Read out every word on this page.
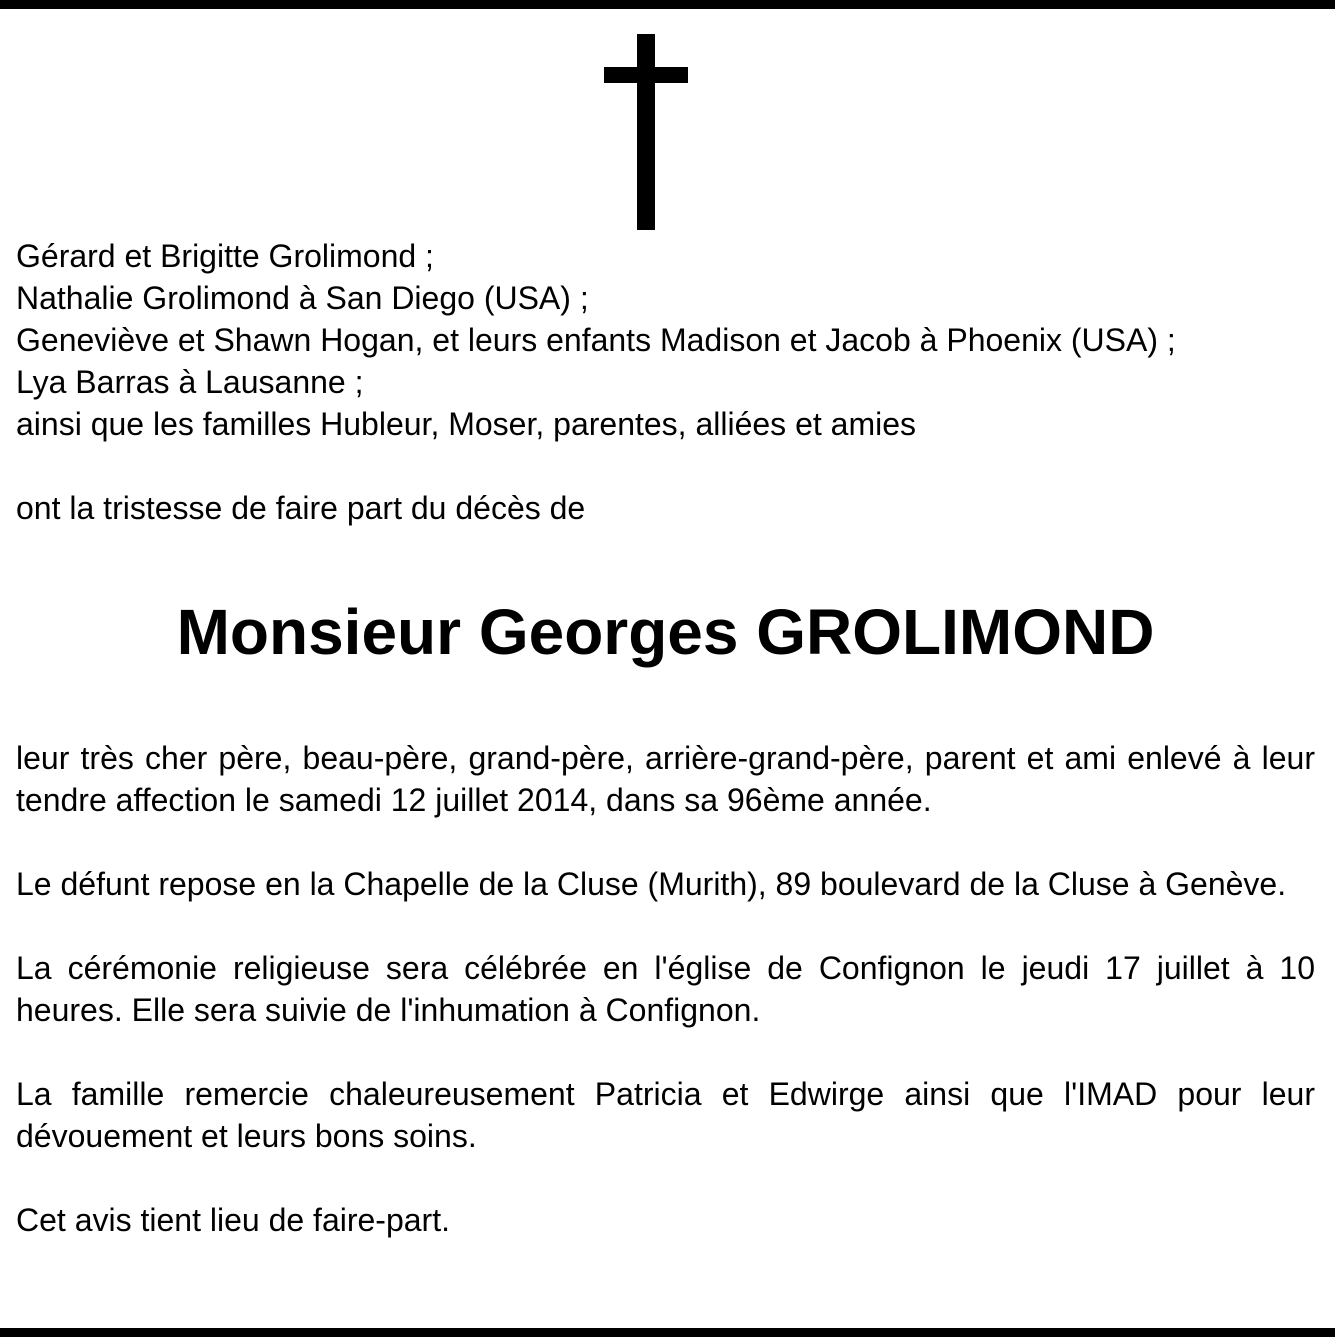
Gérard et Brigitte Grolimond ;
Nathalie Grolimond à San Diego (USA) ;
Geneviève et Shawn Hogan, et leurs enfants Madison et Jacob à Phoenix (USA) ;
Lya Barras à Lausanne ;
ainsi que les familles Hubleur, Moser, parentes, alliées et amies
ont la tristesse de faire part du décès de
Monsieur Georges GROLIMOND

leur très cher père, beau-père, grand-père, arrière-grand-père, parent et ami enlevé à leur tendre affection le samedi 12 juillet 2014, dans sa 96ème année.

Le défunt repose en la Chapelle de la Cluse (Murith), 89 boulevard de la Cluse à Genève.

La cérémonie religieuse sera célébrée en l'église de Confignon le jeudi 17 juillet à 10 heures. Elle sera suivie de l'inhumation à Confignon.

La famille remercie chaleureusement Patricia et Edwirge ainsi que l'IMAD pour leur dévouement et leurs bons soins.

Cet avis tient lieu de faire-part.
